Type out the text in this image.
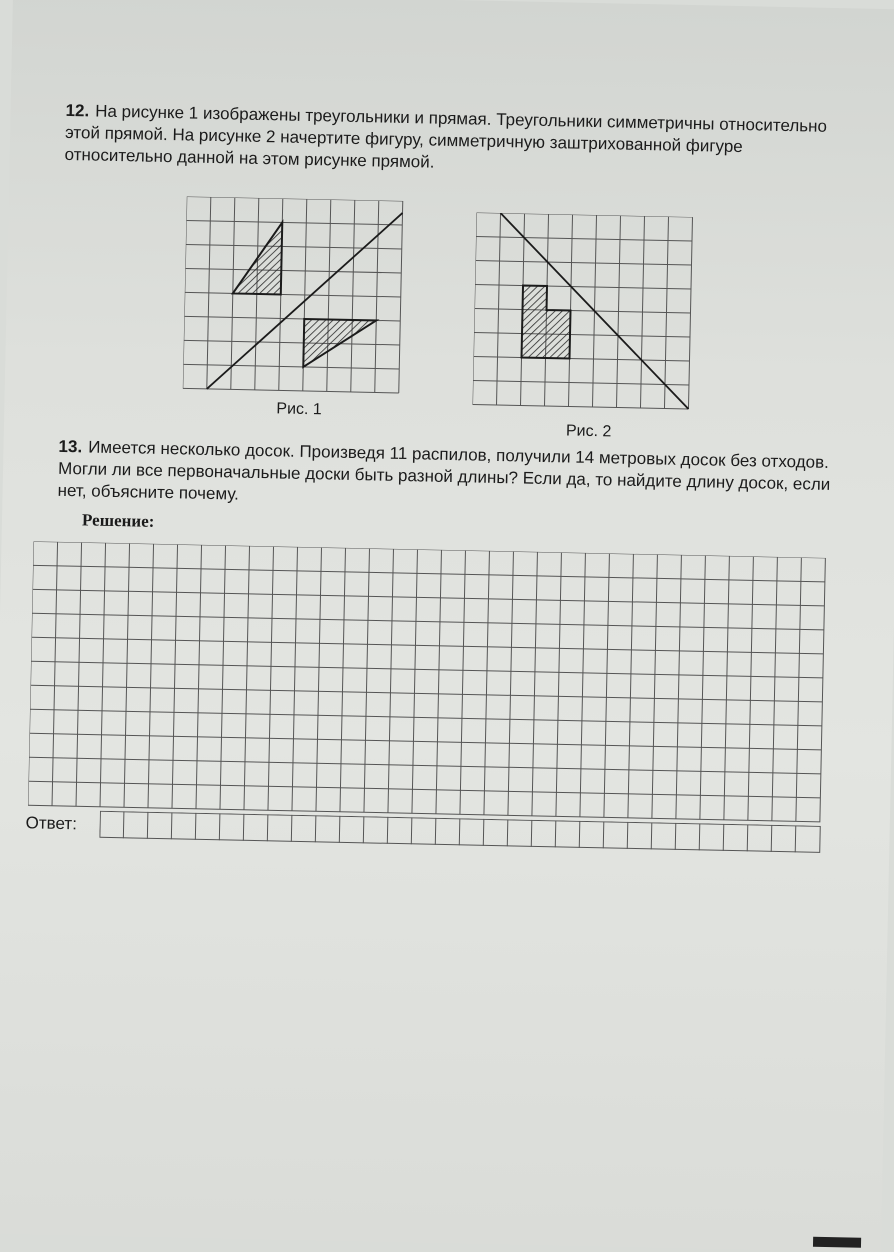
12. На рисунке 1 изображены треугольники и прямая. Треугольники симметричны относительно этой прямой. На рисунке 2 начертите фигуру, симметричную заштрихованной фигуре относительно данной на этом рисунке прямой.
Рис. 1
Рис. 2
13. Имеется несколько досок. Произведя 11 распилов, получили 14 метровых досок без отходов. Могли ли все первоначальные доски быть разной длины? Если да, то найдите длину досок, если нет, объясните почему.
Решение:
Ответ:
